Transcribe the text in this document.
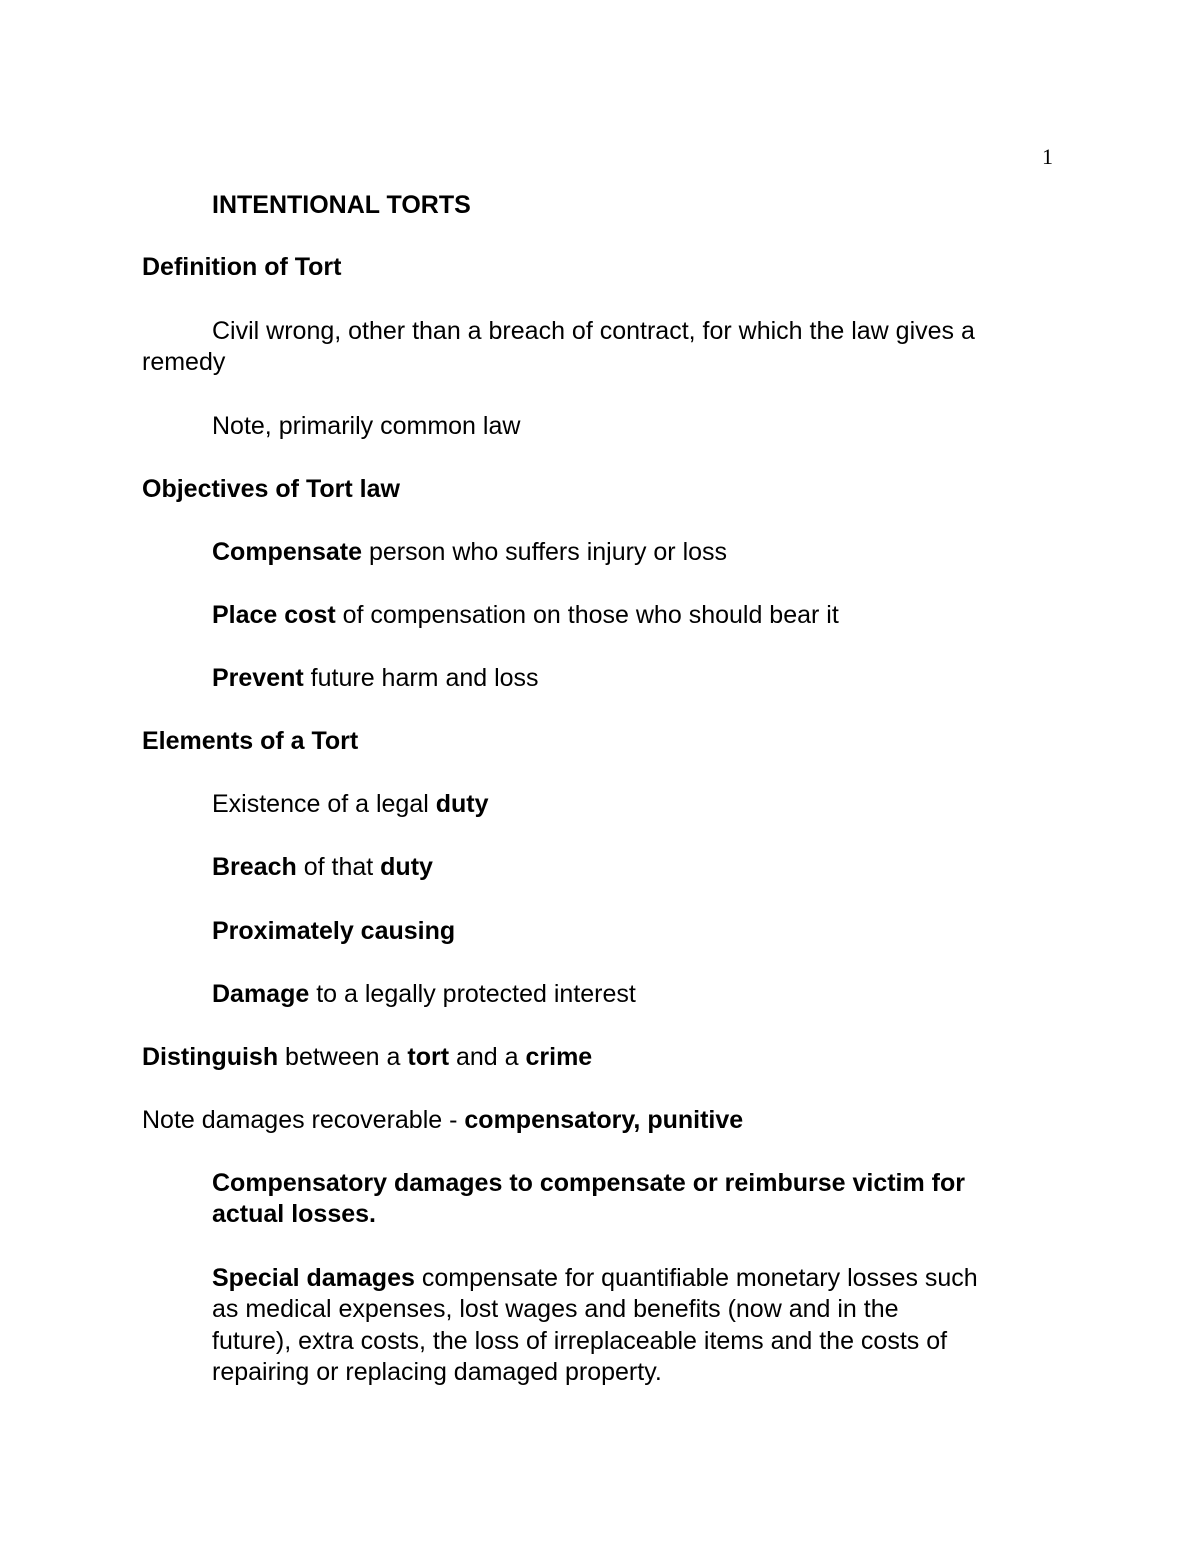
1
INTENTIONAL TORTS
Definition of Tort
Civil wrong, other than a breach of contract, for which the law gives a
remedy
Note, primarily common law
Objectives of Tort law
Compensate person who suffers injury or loss
Place cost of compensation on those who should bear it
Prevent future harm and loss
Elements of a Tort
Existence of a legal duty
Breach of that duty
Proximately causing
Damage to a legally protected interest
Distinguish between a tort and a crime
Note damages recoverable - compensatory, punitive
Compensatory damages to compensate or reimburse victim for
actual losses.
Special damages compensate for quantifiable monetary losses such
as medical expenses, lost wages and benefits (now and in the
future), extra costs, the loss of irreplaceable items and the costs of
repairing or replacing damaged property.
